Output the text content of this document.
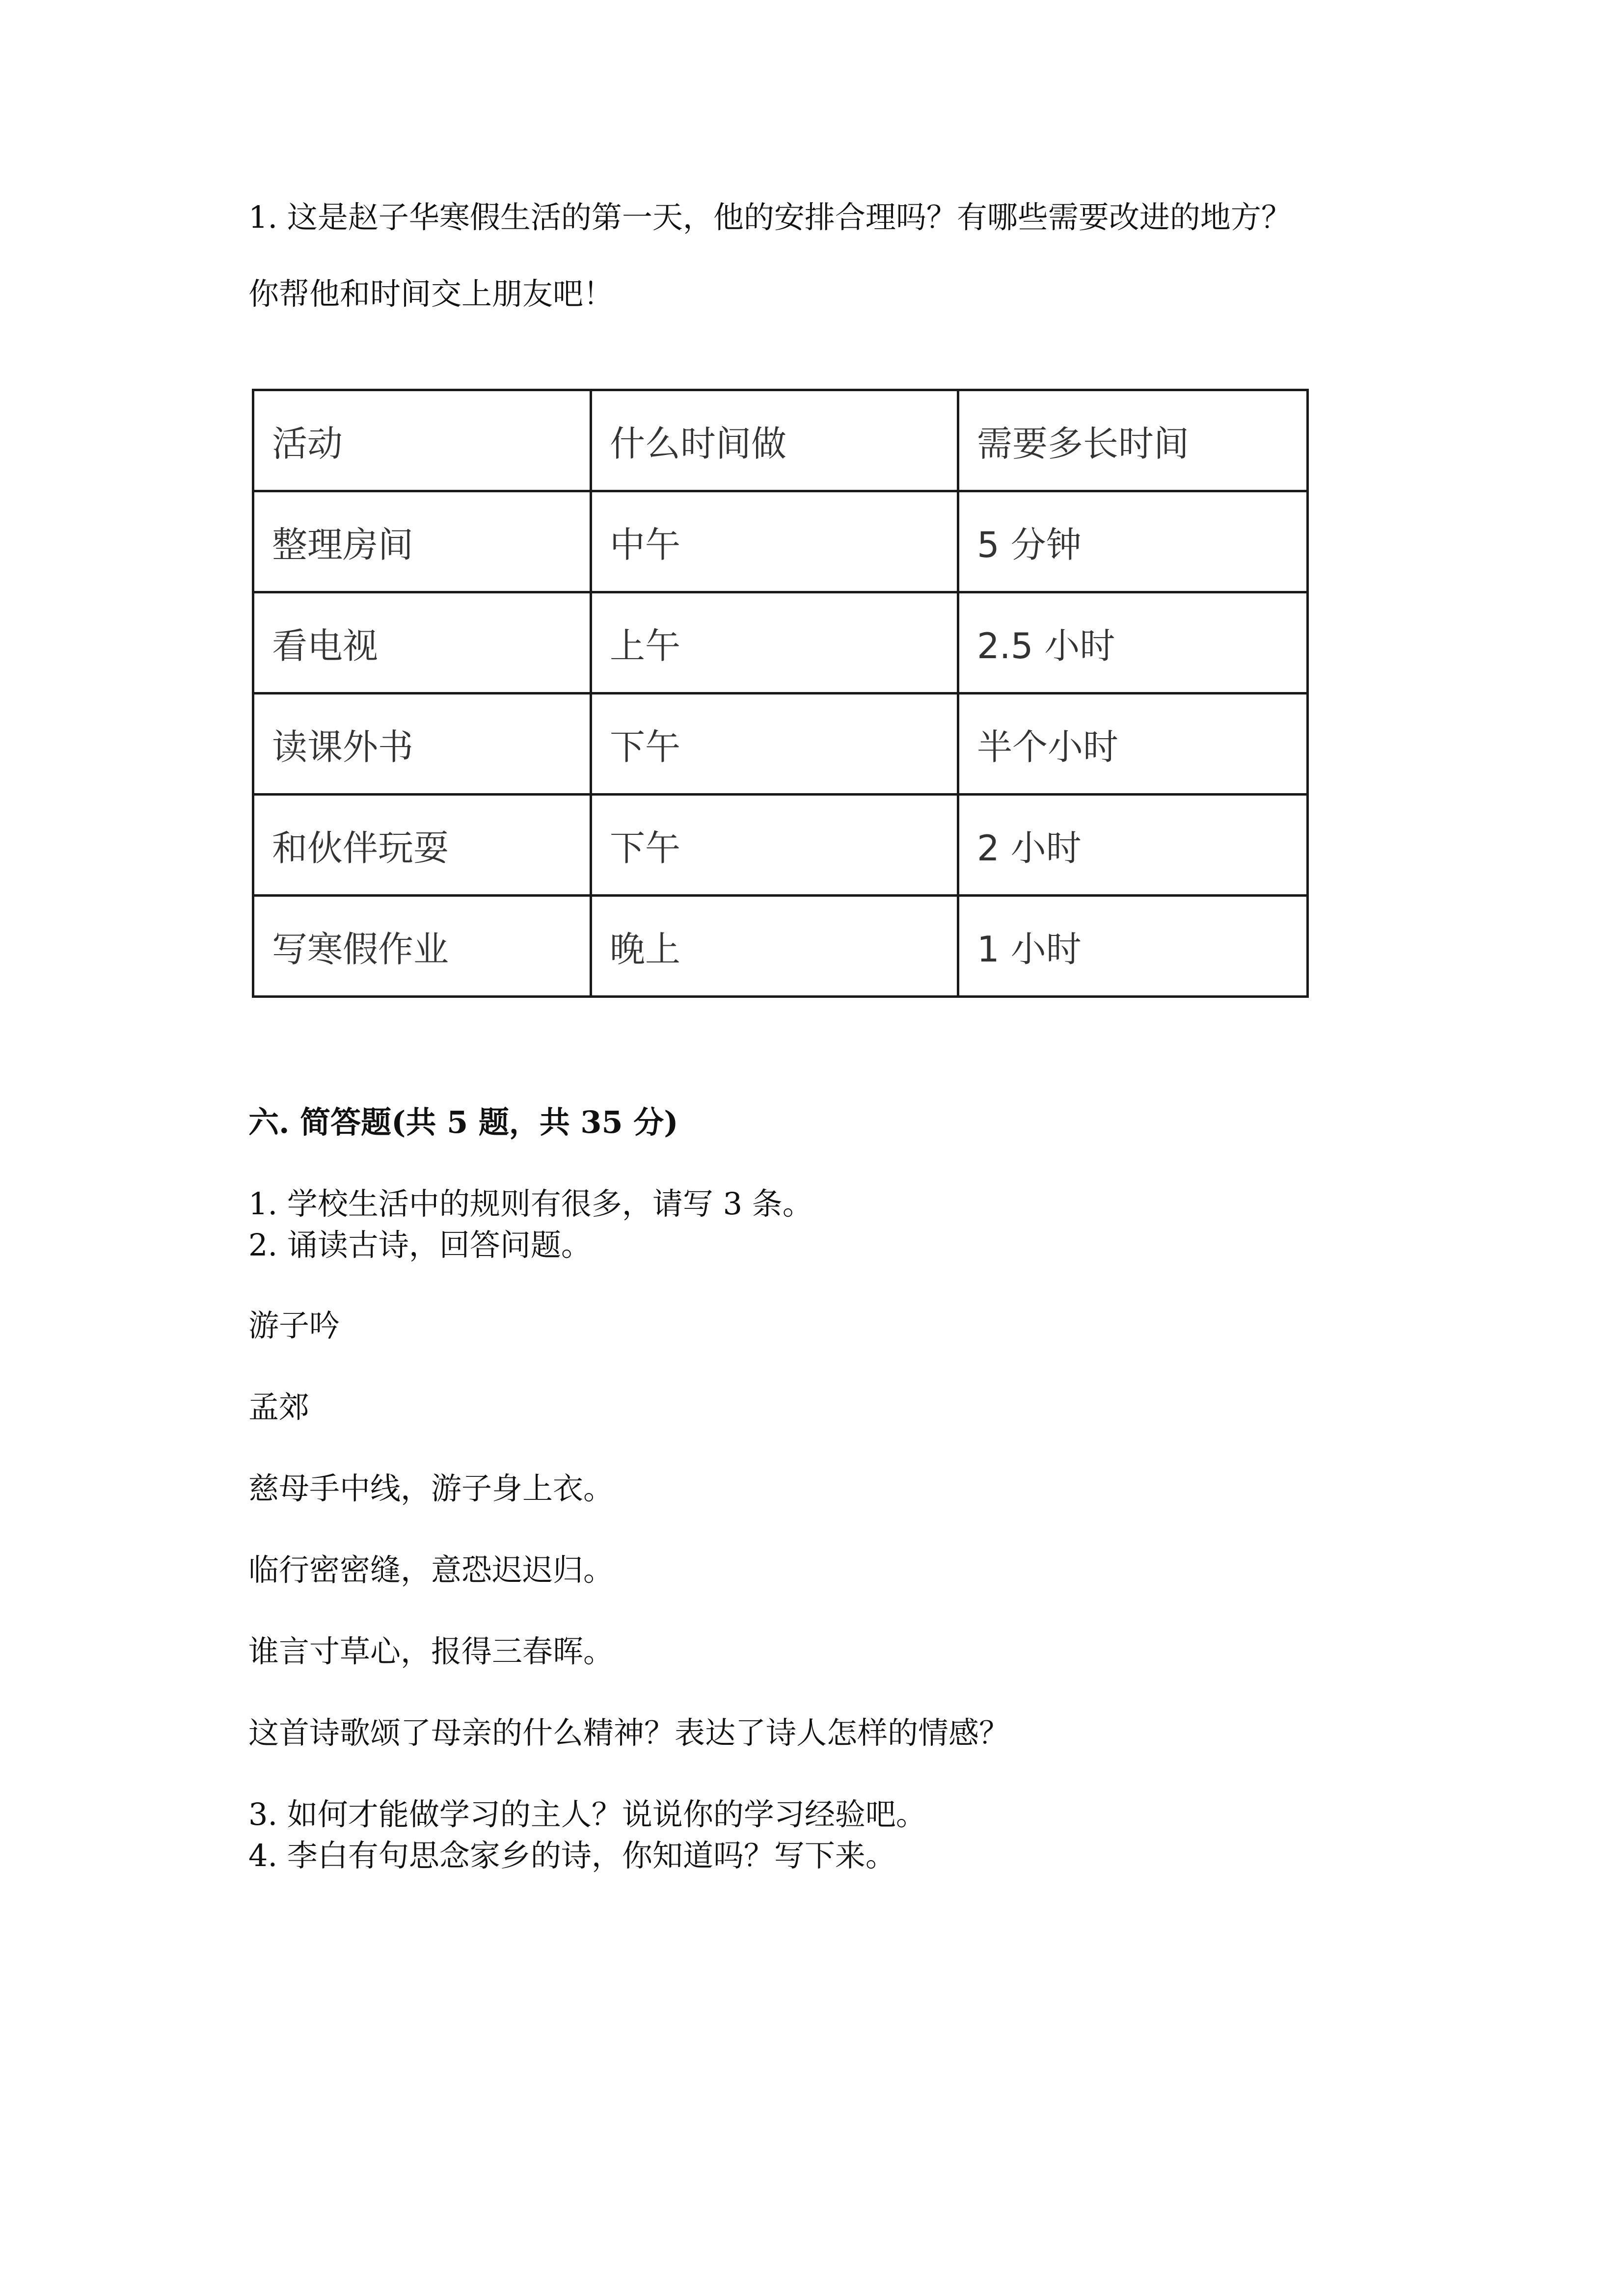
1. 这是赵子华寒假生活的第一天，他的安排合理吗？有哪些需要改进的地方？

你帮他和时间交上朋友吧！

活动	什么时间做	需要多长时间
整理房间	中午	5 分钟
看电视	上午	2.5 小时
读课外书	下午	半个小时
和伙伴玩耍	下午	2 小时
写寒假作业	晚上	1 小时

六. 简答题(共 5 题，共 35 分)

1. 学校生活中的规则有很多，请写 3 条。

2. 诵读古诗，回答问题。

游子吟

孟郊

慈母手中线，游子身上衣。

临行密密缝，意恐迟迟归。

谁言寸草心，报得三春晖。

这首诗歌颂了母亲的什么精神？表达了诗人怎样的情感？

3. 如何才能做学习的主人？说说你的学习经验吧。

4. 李白有句思念家乡的诗，你知道吗？写下来。
